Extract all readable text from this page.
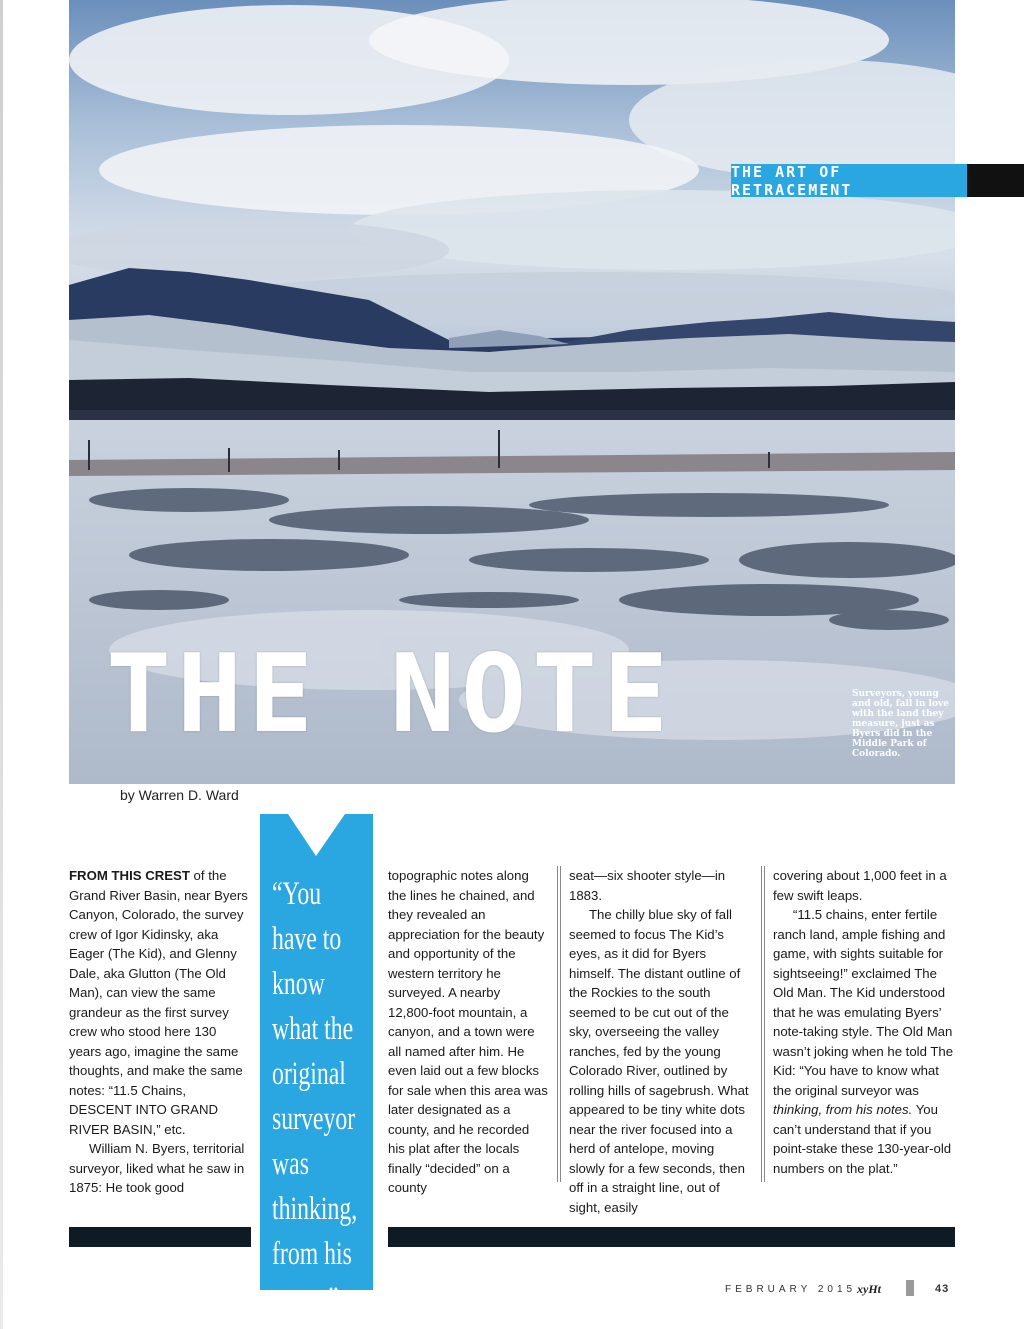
THE ART OF RETRACEMENT
THE NOTE	Surveyors, young and old, fall in love with the land they measure, just as Byers did in the Middle Park of Colorado.
by Warren D. Ward

“You have to know what the original surveyor was thinking, from his notes.”

FROM THIS CREST of the Grand River Basin, near Byers Canyon, Colorado, the survey crew of Igor Kidinsky, aka Eager (The Kid), and Glenny Dale, aka Glutton (The Old Man), can view the same grandeur as the first survey crew who stood here 130 years ago, imagine the same thoughts, and make the same notes: “11.5 Chains, DESCENT INTO GRAND RIVER BASIN,” etc.

William N. Byers, territorial surveyor, liked what he saw in 1875: He took good

topographic notes along the lines he chained, and they revealed an appreciation for the beauty and opportunity of the western territory he surveyed. A nearby 12,800-foot mountain, a canyon, and a town were all named after him. He even laid out a few blocks for sale when this area was later designated as a county, and he recorded his plat after the locals finally “decided” on a county

seat—six shooter style—in 1883.

The chilly blue sky of fall seemed to focus The Kid’s eyes, as it did for Byers himself. The distant outline of the Rockies to the south seemed to be cut out of the sky, overseeing the valley ranches, fed by the young Colorado River, outlined by rolling hills of sagebrush. What appeared to be tiny white dots near the river focused into a herd of antelope, moving slowly for a few seconds, then off in a straight line, out of sight, easily

covering about 1,000 feet in a few swift leaps.

“11.5 chains, enter fertile ranch land, ample fishing and game, with sights suitable for sightseeing!” exclaimed The Old Man. The Kid understood that he was emulating Byers’ note-taking style. The Old Man wasn’t joking when he told The Kid: “You have to know what the original surveyor was thinking, from his notes. You can’t understand that if you point-stake these 130-year-old numbers on the plat.”

FEBRUARY 2015 xyHt	43
